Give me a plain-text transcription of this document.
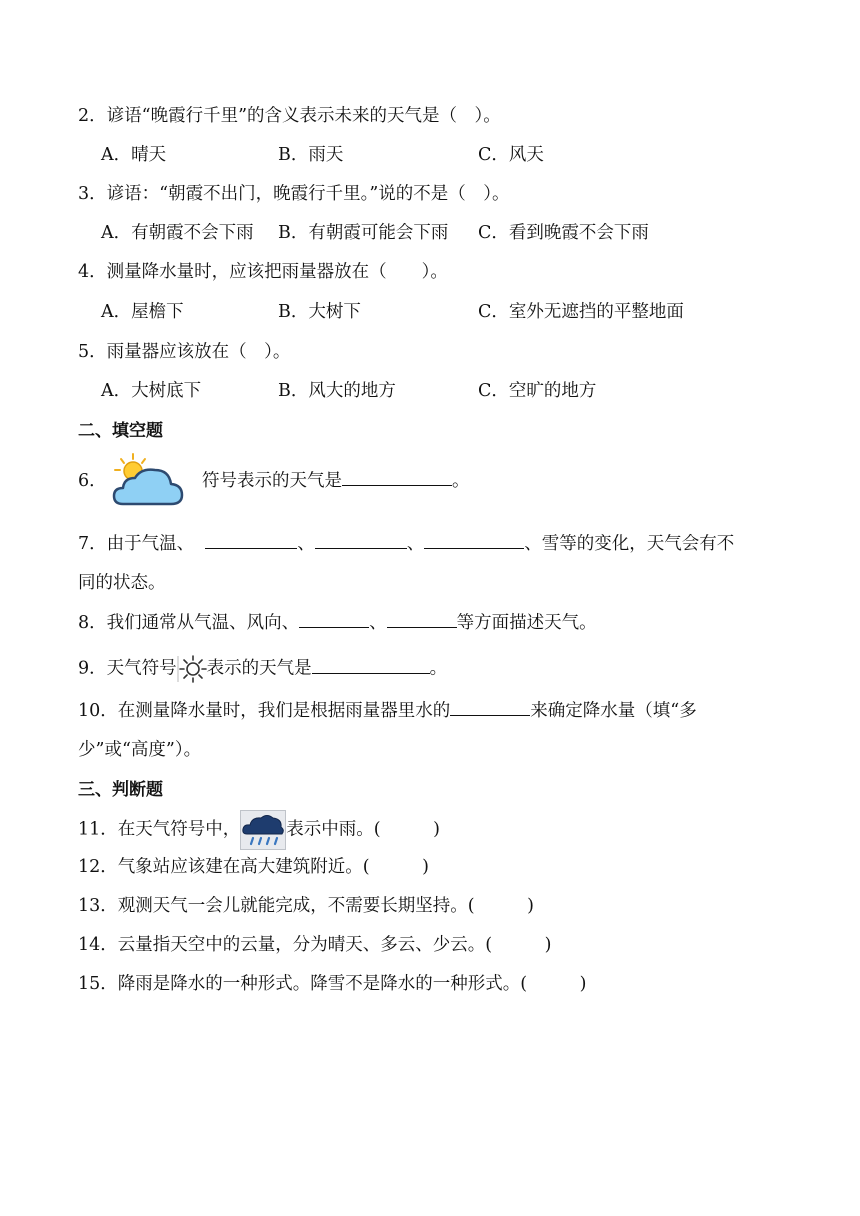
2．谚语“晚霞行千里”的含义表示未来的天气是（　）。
A．晴天	B．雨天	C．风天
3．谚语：“朝霞不出门，晚霞行千里。”说的不是（　）。
A．有朝霞不会下雨 B．有朝霞可能会下雨 C．看到晚霞不会下雨
4．测量降水量时，应该把雨量器放在（　　）。
A．屋檐下	B．大树下	C．室外无遮挡的平整地面
5．雨量器应该放在（　）。
A．大树底下	B．风大的地方	C．空旷的地方
二、填空题
6．	符号表示的天气是	。
7．由于气温、	、	、	、雪等的变化，天气会有不
同的状态。
8．我们通常从气温、风向、	、	等方面描述天气。
9．天气符号 表示的天气是	。
10．在测量降水量时，我们是根据雨量器里水的	来确定降水量（填“多
少”或“高度”）。
三、判断题
11．在天气符号中，	表示中雨。(　　　)
12．气象站应该建在高大建筑附近。(　　　)
13．观测天气一会儿就能完成，不需要长期坚持。(　　　)
14．云量指天空中的云量，分为晴天、多云、少云。(　　　)
15．降雨是降水的一种形式。降雪不是降水的一种形式。(　　　)
